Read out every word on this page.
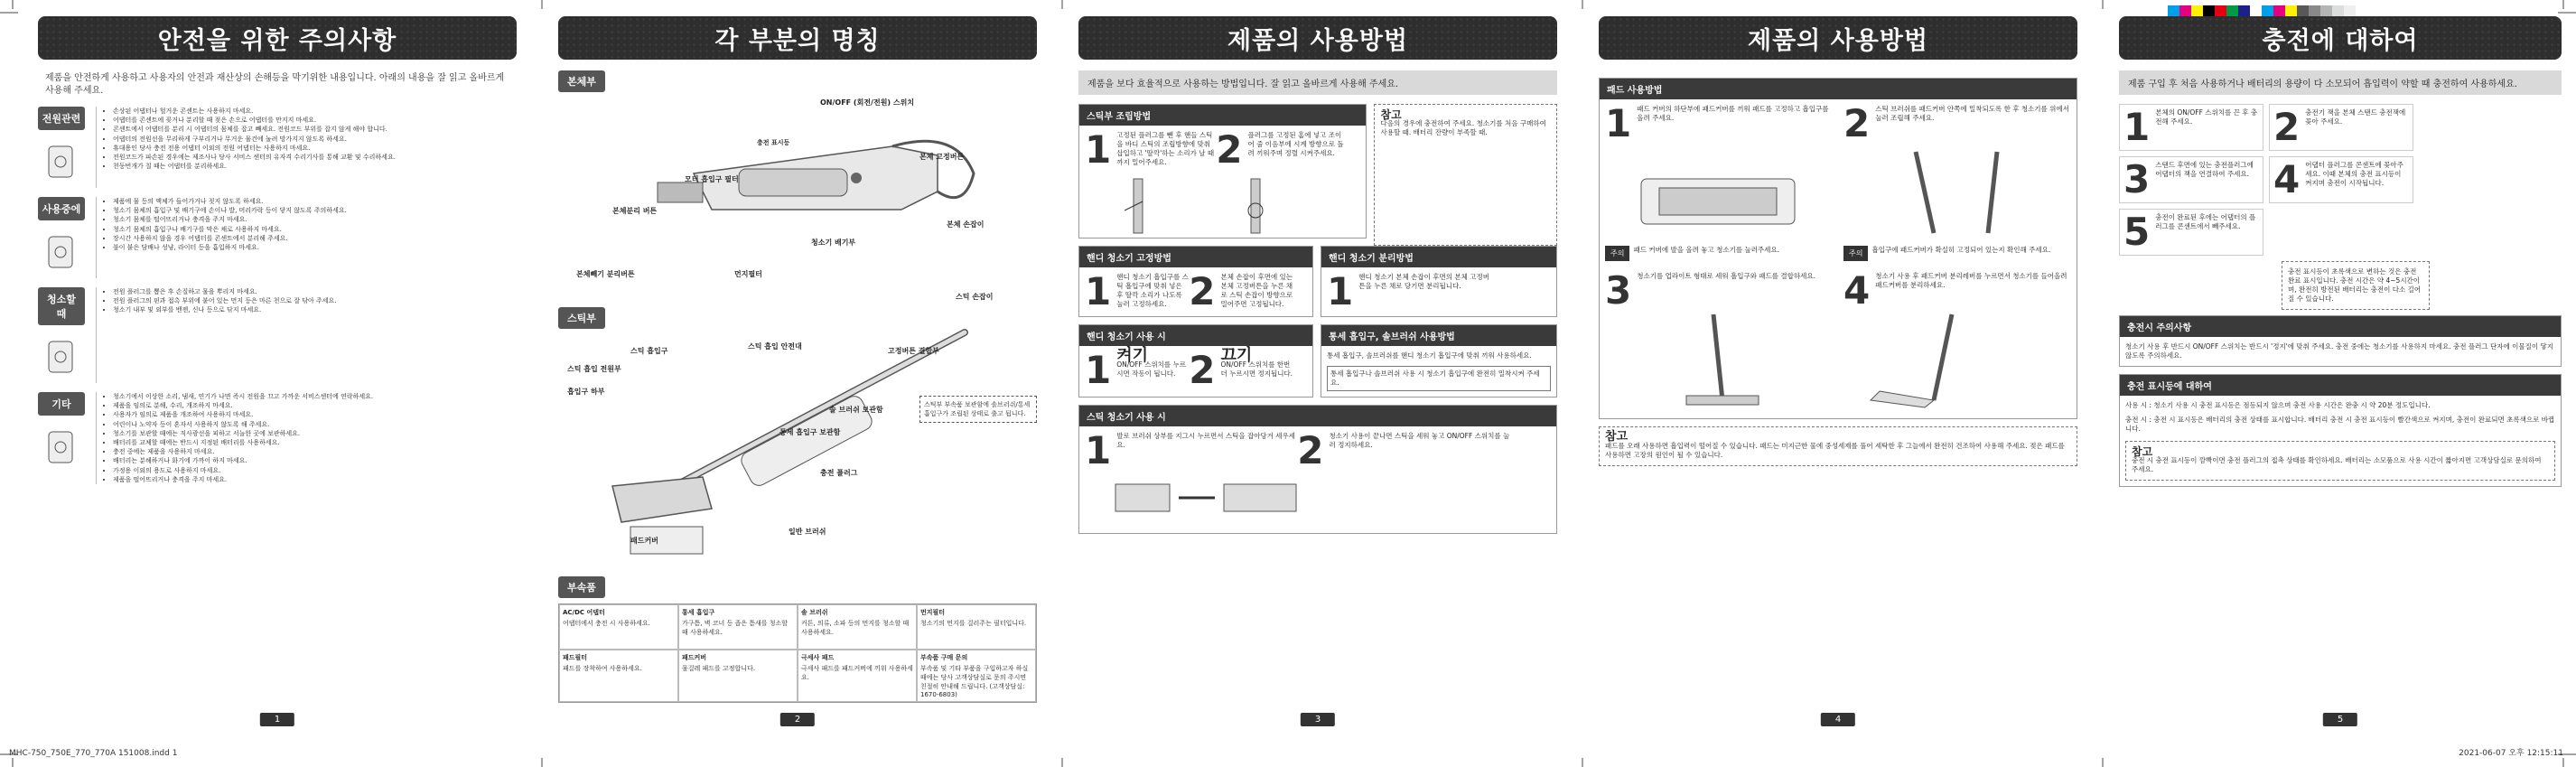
안전을 위한 주의사항
제품을 안전하게 사용하고 사용자의 안전과 재산상의 손해등을 막기위한 내용입니다. 아래의 내용을 잘 읽고 올바르게 사용해 주세요.
전원관련
• 손상된 어댑터나 헐거운 콘센트는 사용하지 마세요.
• 어댑터를 콘센트에 꽂거나 분리할 때 젖은 손으로 어댑터를 만지지 마세요.
• 콘센트에서 어댑터를 분리 시 어댑터의 몸체를 잡고 빼세요. 전원코드 부위를 잡지 않게 해야 합니다.
• 어댑터의 전원선을 무리하게 구부리거나 무거운 물건에 눌려 망가지지 않도록 하세요.
• 휴대용인 당사 충전 전용 어댑터 이외의 전원 어댑터는 사용하지 마세요.
• 전원코드가 파손된 경우에는 제조사나 당사 서비스 센터의 유자격 수리기사를 통해 교환 및 수리하세요.
• 천둥번개가 칠 때는 어댑터를 분리하세요.
사용중에
• 제품에 물 등의 액체가 들어가거나 젖지 않도록 하세요.
• 청소기 몸체의 흡입구 및 배기구에 손이나 발, 머리카락 등이 닿지 않도록 주의하세요.
• 청소기 몸체를 떨어뜨리거나 충격을 주지 마세요.
• 청소기 몸체의 흡입구나 배기구를 막은 채로 사용하지 마세요.
• 장시간 사용하지 않을 경우 어댑터를 콘센트에서 분리해 주세요.
• 불이 붙은 담배나 성냥, 라이터 등을 흡입하지 마세요.
청소할 때
• 전원 플러그를 뽑은 후 손질하고 물을 뿌리지 마세요.
• 전원 플러그의 핀과 접촉 부위에 붙어 있는 먼지 등은 마른 천으로 잘 닦아 주세요.
• 청소기 내부 및 외부를 벤젠, 신나 등으로 닦지 마세요.
기타
• 청소기에서 이상한 소리, 냄새, 연기가 나면 즉시 전원을 끄고 가까운 서비스센터에 연락하세요.
• 제품을 임의로 분해, 수리, 개조하지 마세요.
• 사용자가 임의로 제품을 개조하여 사용하지 마세요.
• 어린이나 노약자 등이 혼자서 사용하지 않도록 해 주세요.
• 청소기를 보관할 때에는 직사광선을 피하고 서늘한 곳에 보관하세요.
• 배터리를 교체할 때에는 반드시 지정된 배터리를 사용하세요.
• 충전 중에는 제품을 사용하지 마세요.
• 배터리는 분해하거나 화기에 가까이 하지 마세요.
• 가정용 이외의 용도로 사용하지 마세요.
• 제품을 떨어뜨리거나 충격을 주지 마세요.
1
각 부분의 명칭
본체부
ON/OFF (회전/전원) 스위치
충전 표시등
본체 고정버튼
모터 흡입구 필터
청소기 배기부
본체 손잡이
본체분리 버튼
본체빼기 분리버튼	먼지필터
스틱 손잡이
스틱부
스틱 흡입구
스틱 흡입 안전대
고정버튼 결합부
솔 브러쉬 보관함
통세 흡입구 보관함
충전 플러그
일반 브러쉬
패드커버
흡입구 하부
스틱 흡입 전원부
스틱부 부속품 보관함에 솔브러쉬/통세흡입구가 조립된 상태로 출고 됩니다.
부속품
AC/DC 어댑터
어댑터에서 충전 시 사용하세요.
통세 흡입구
가구틈, 벽 코너 등 좁은 틈새를 청소할 때 사용하세요.
솔 브러쉬
커튼, 의류, 소파 등의 먼지를 청소할 때 사용하세요.
먼지필터
청소기의 먼지를 걸러주는 필터입니다.
패드필터
패드를 장착하여 사용하세요.
패드커버
물걸레 패드를 고정합니다.
극세사 패드
극세사 패드를 패드커버에 끼워 사용하세요.
부속품 구매 문의
부속품 및 기타 부품을 구입하고자 하실 때에는 당사 고객상담실로 문의 주시면 친절히 안내해 드립니다. (고객상담실: 1670-6803)
2
제품의 사용방법
제품을 보다 효율적으로 사용하는 방법입니다. 잘 읽고 올바르게 사용해 주세요.
스틱부 조립방법
1 고정된 플러그를 뺀 후 핸들 스틱을 바디 스틱의 조립방향에 맞춰 삽입하고 '딸깍'하는 소리가 날 때까지 밀어주세요.	2 플러그를 고정된 홈에 넣고 조이어 줄 이음부에 시계 방향으로 돌려 끼워주며 정렬 시켜주세요.
참고
다음의 경우에 충전하여 주세요. 청소기를 처음 구매하여 사용할 때. 배터리 잔량이 부족할 때.
핸디 청소기 고정방법
1 핸디 청소기 흡입구를 스틱 흡입구에 맞춰 넣은 후 딸깍 소리가 나도록 눌러 고정하세요. 2 본체 손잡이 후면에 있는 본체 고정버튼을 누른 채로 스틱 손잡이 방향으로 밀어주면 고정됩니다.
핸디 청소기 분리방법
1 핸디 청소기 본체 손잡이 후면의 본체 고정버튼을 누른 채로 당기면 분리됩니다.
핸디 청소기 사용 시
1 켜기
ON/OFF 스위치를 누르시면 작동이 됩니다. 2 끄기
ON/OFF 스위치를 한번 더 누르시면 정지됩니다.
통세 흡입구, 솔브러쉬 사용방법
통세 흡입구, 솔브러쉬를 핸디 청소기 흡입구에 맞춰 끼워 사용하세요.
통세 흡입구나 솔브러쉬 사용 시 청소기 흡입구에 완전히 밀착시켜 주세요.
스틱 청소기 사용 시
1 발로 브러쉬 상부를 지그시 누르면서 스틱을 잡아당겨 세우세요.	2 청소기 사용이 끝나면 스틱을 세워 놓고 ON/OFF 스위치를 눌러 정지하세요.
3
제품의 사용방법
패드 사용방법
1 패드 커버의 하단부에 패드커버를 끼워 패드를 고정하고 흡입구를 올려 주세요.
주의	패드 커버에 발을 올려 놓고 청소기를 눌러주세요.
2 스틱 브러쉬를 패드커버 안쪽에 밀착되도록 한 후 청소기를 위에서 눌러 조립해 주세요.
주의	흡입구에 패드커버가 확실히 고정되어 있는지 확인해 주세요.
3 청소기를 업라이트 형태로 세워 흡입구와 패드를 결합하세요. 4 청소기 사용 후 패드커버 분리레버를 누르면서 청소기를 들어올려 패드커버를 분리하세요.
참고
패드를 오래 사용하면 흡입력이 떨어질 수 있습니다. 패드는 미지근한 물에 중성세제를 풀어 세탁한 후 그늘에서 완전히 건조하여 사용해 주세요. 젖은 패드를 사용하면 고장의 원인이 될 수 있습니다.
4
충전에 대하여
제품 구입 후 처음 사용하거나 배터리의 용량이 다 소모되어 흡입력이 약할 때 충전하여 사용하세요.
1 본체의 ON/OFF 스위치를 끈 후 충전해 주세요.	2 충전기 잭을 본체 스탠드 충전잭에 꽂아 주세요.
3 스탠드 후면에 있는 충전플러그에 어댑터의 잭을 연결하여 주세요. 4 어댑터 플러그를 콘센트에 꽂아주세요. 이때 본체의 충전 표시등이 켜지며 충전이 시작됩니다.
5 충전이 완료된 후에는 어댑터의 플러그를 콘센트에서 빼주세요.
충전 표시등이 초록색으로 변하는 것은 충전 완료 표시입니다. 충전 시간은 약 4~5시간이며, 완전히 방전된 배터리는 충전이 다소 길어질 수 있습니다.
충전시 주의사항
청소기 사용 후 반드시 ON/OFF 스위치는 반드시 '정지'에 맞춰 주세요. 충전 중에는 청소기를 사용하지 마세요. 충전 플러그 단자에 이물질이 닿지 않도록 주의하세요.
충전 표시등에 대하여
사용 시 : 청소기 사용 시 충전 표시등은 점등되지 않으며 충전 사용 시간은 완충 시 약 20분 정도입니다.
충전 시 : 충전 시 표시등은 배터리의 충전 상태를 표시합니다. 배터리 충전 시 충전 표시등이 빨간색으로 켜지며, 충전이 완료되면 초록색으로 바뀝니다.
참고
충전 시 충전 표시등이 깜빡이면 충전 플러그의 접촉 상태를 확인하세요. 배터리는 소모품으로 사용 시간이 짧아지면 고객상담실로 문의하여 주세요.
5
MHC-750_750E_770_770A 151008.indd 1	2021-06-07 오후 12:15:11
